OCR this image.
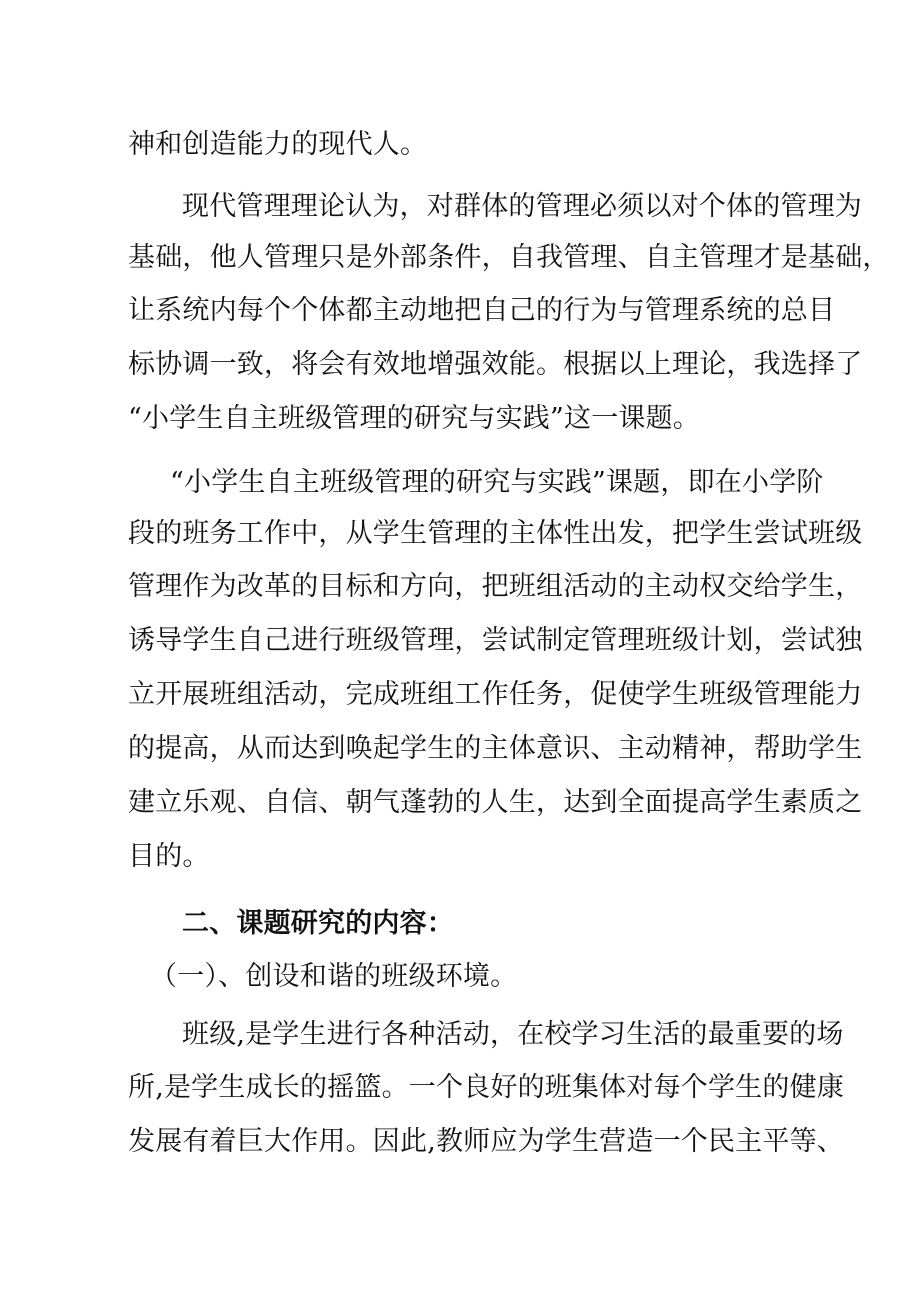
神和创造能力的现代人。
现代管理理论认为，对群体的管理必须以对个体的管理为
基础，他人管理只是外部条件，自我管理、自主管理才是基础，
让系统内每个个体都主动地把自己的行为与管理系统的总目
标协调一致，将会有效地增强效能。根据以上理论，我选择了
“小学生自主班级管理的研究与实践”这一课题。
“小学生自主班级管理的研究与实践”课题，即在小学阶
段的班务工作中，从学生管理的主体性出发，把学生尝试班级
管理作为改革的目标和方向，把班组活动的主动权交给学生，
诱导学生自己进行班级管理，尝试制定管理班级计划，尝试独
立开展班组活动，完成班组工作任务，促使学生班级管理能力
的提高，从而达到唤起学生的主体意识、主动精神，帮助学生
建立乐观、自信、朝气蓬勃的人生，达到全面提高学生素质之
目的。
二、课题研究的内容：
（一）、创设和谐的班级环境。
班级,是学生进行各种活动，在校学习生活的最重要的场
所,是学生成长的摇篮。一个良好的班集体对每个学生的健康
发展有着巨大作用。因此,教师应为学生营造一个民主平等、
